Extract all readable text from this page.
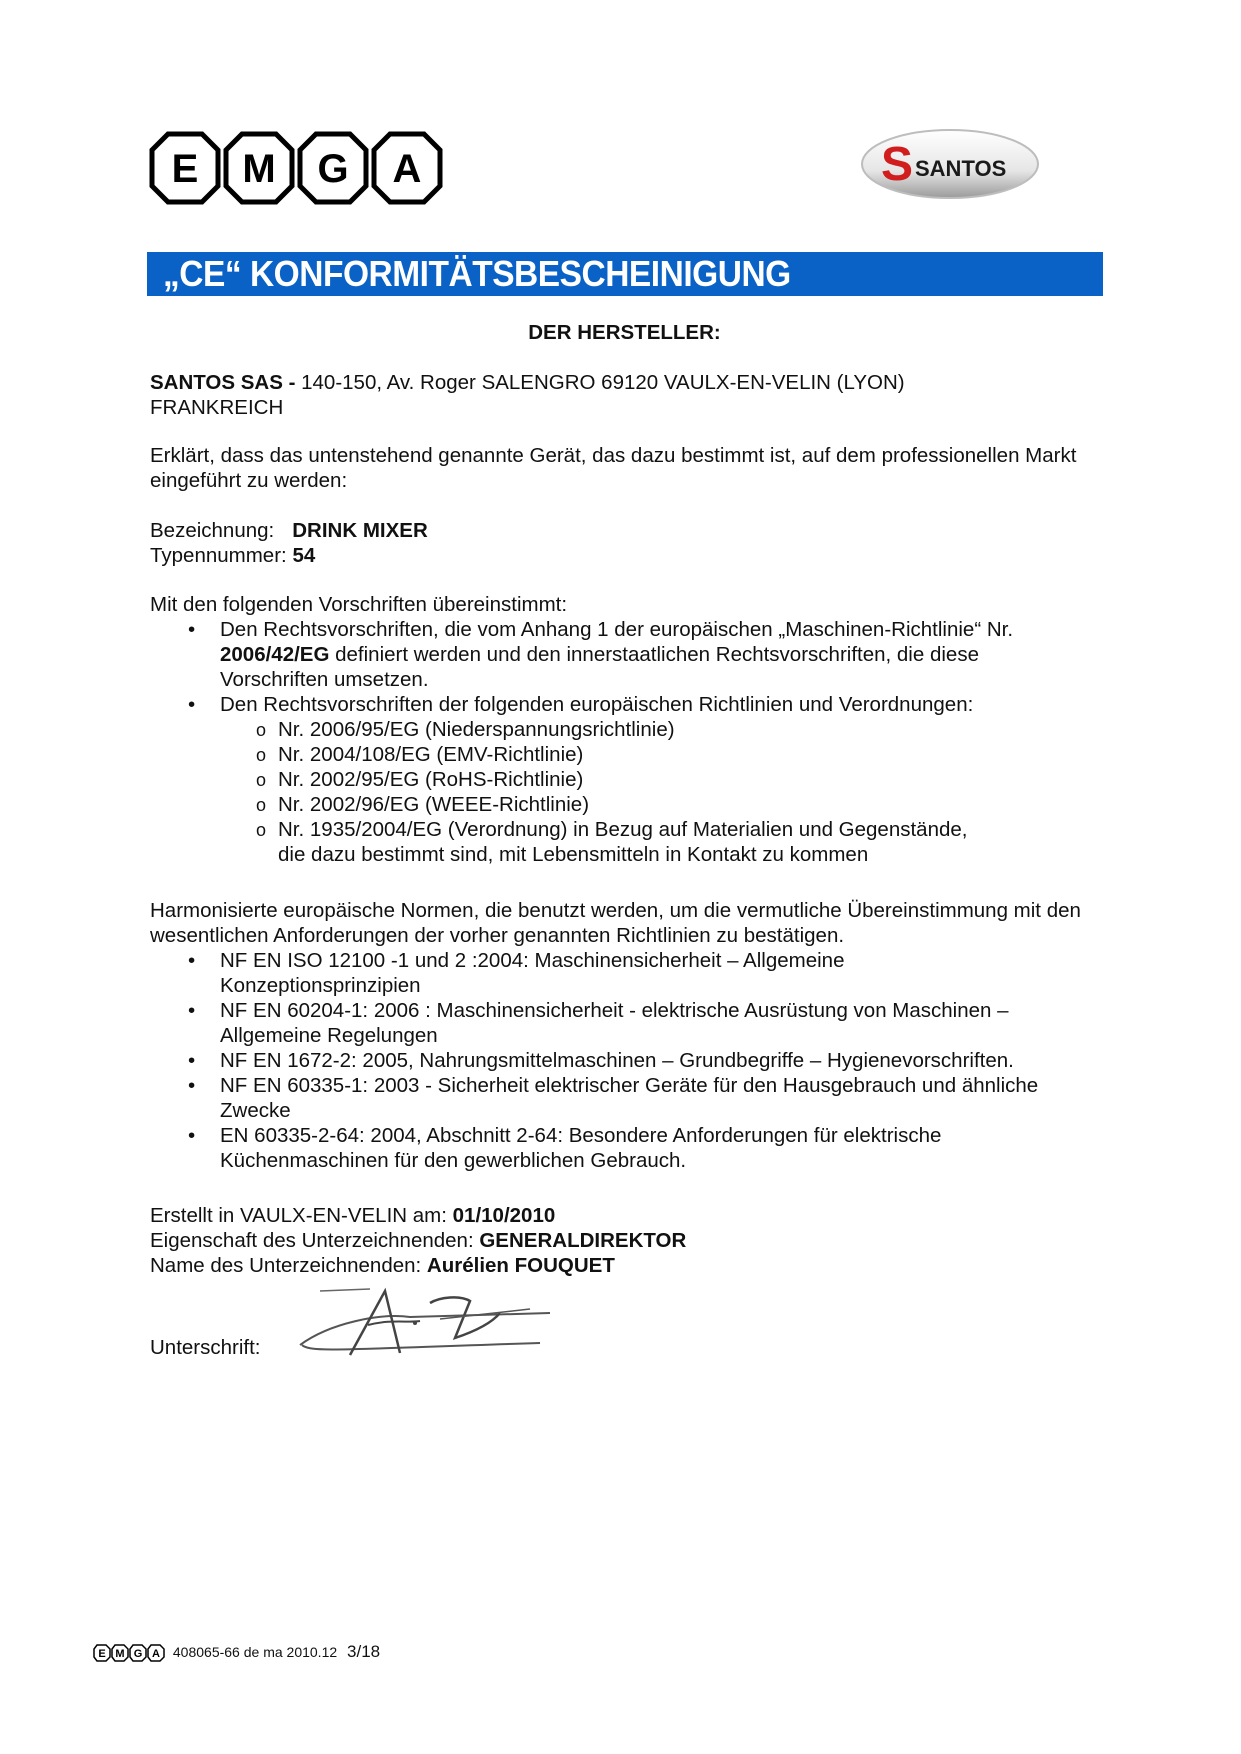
E M G A	S SANTOS
„CE“ KONFORMITÄTSBESCHEINIGUNG
DER HERSTELLER:
SANTOS SAS - 140-150, Av. Roger SALENGRO 69120 VAULX-EN-VELIN (LYON)
FRANKREICH
Erklärt, dass das untenstehend genannte Gerät, das dazu bestimmt ist, auf dem professionellen Markt eingeführt zu werden:
Bezeichnung: DRINK MIXER
Typennummer: 54
Mit den folgenden Vorschriften übereinstimmt:
• Den Rechtsvorschriften, die vom Anhang 1 der europäischen „Maschinen-Richtlinie“ Nr. 2006/42/EG definiert werden und den innerstaatlichen Rechtsvorschriften, die diese Vorschriften umsetzen.
• Den Rechtsvorschriften der folgenden europäischen Richtlinien und Verordnungen:
o Nr. 2006/95/EG (Niederspannungsrichtlinie)
o Nr. 2004/108/EG (EMV-Richtlinie)
o Nr. 2002/95/EG (RoHS-Richtlinie)
o Nr. 2002/96/EG (WEEE-Richtlinie)
o Nr. 1935/2004/EG (Verordnung) in Bezug auf Materialien und Gegenstände, die dazu bestimmt sind, mit Lebensmitteln in Kontakt zu kommen
Harmonisierte europäische Normen, die benutzt werden, um die vermutliche Übereinstimmung mit den wesentlichen Anforderungen der vorher genannten Richtlinien zu bestätigen.
• NF EN ISO 12100 -1 und 2 :2004: Maschinensicherheit – Allgemeine Konzeptionsprinzipien
• NF EN 60204-1: 2006 : Maschinensicherheit - elektrische Ausrüstung von Maschinen – Allgemeine Regelungen
• NF EN 1672-2: 2005, Nahrungsmittelmaschinen – Grundbegriffe – Hygienevorschriften.
• NF EN 60335-1: 2003 - Sicherheit elektrischer Geräte für den Hausgebrauch und ähnliche Zwecke
• EN 60335-2-64: 2004, Abschnitt 2-64: Besondere Anforderungen für elektrische Küchenmaschinen für den gewerblichen Gebrauch.
Erstellt in VAULX-EN-VELIN am: 01/10/2010
Eigenschaft des Unterzeichnenden: GENERALDIREKTOR
Name des Unterzeichnenden: Aurélien FOUQUET
Unterschrift:
E M G A 408065-66 de ma 2010.12 3/18
